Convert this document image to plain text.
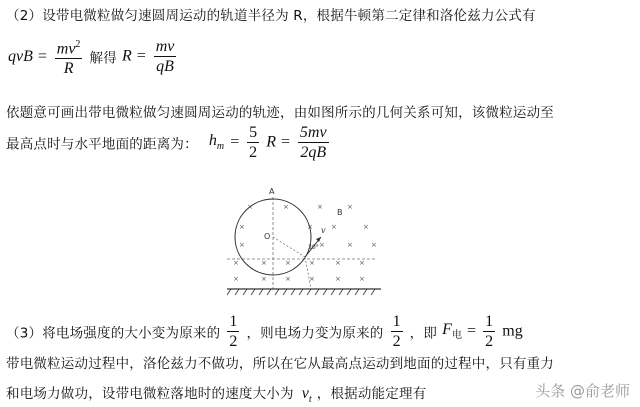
（2）设带电微粒做匀速圆周运动的轨道半径为 R，根据牛顿第二定律和洛伦兹力公式有
qvB = $\frac{mv^2}{R}$ 解得 $R = \frac{mv}{qB}$
依题意可画出带电微粒做匀速圆周运动的轨迹，由如图所示的几何关系可知，该微粒运动至
最高点时与水平地面的距离为： $h_m = \frac{5}{2}$ $R = \frac{5mv}{2qB}$
×	×	×	×
×	×	×	×
×	×	×	×
×	×	×	×	×	×
×	×	×	×	×	×
A
B
O
v
30°
（3）将电场强度的大小变为原来的 $\frac{1}{2}$ ，则电场力变为原来的 $\frac{1}{2}$ ，即 $F_电 = \frac{1}{2}$ mg
带电微粒运动过程中，洛伦兹力不做功，所以在它从最高点运动到地面的过程中，只有重力
和电场力做功，设带电微粒落地时的速度大小为 $v_t$ ，根据动能定理有	头条 @俞老师
